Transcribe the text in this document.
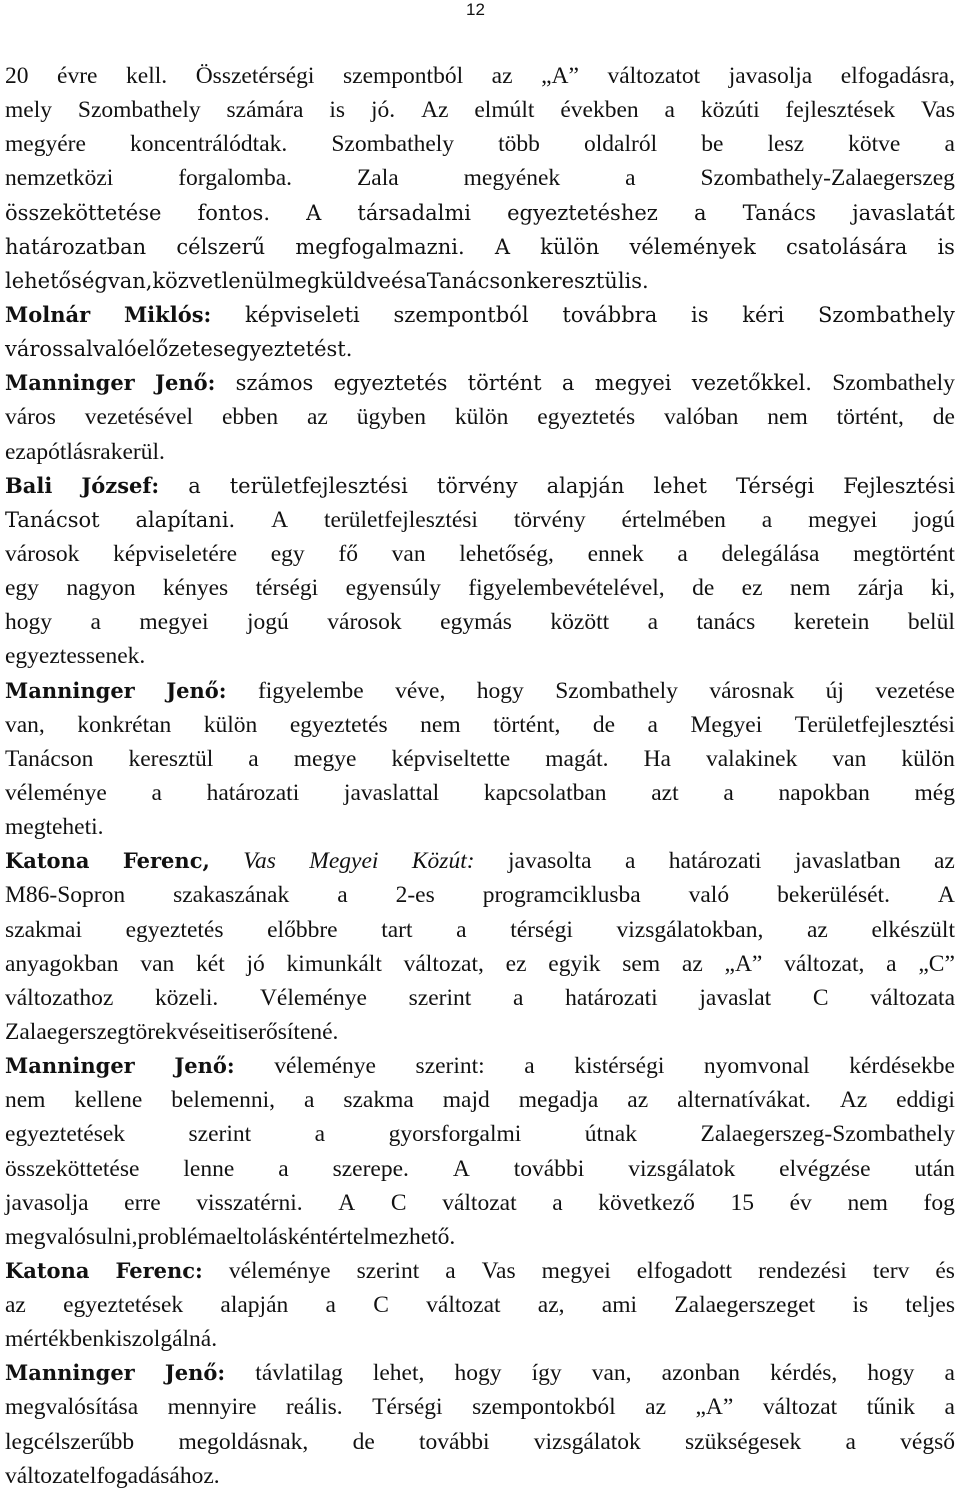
12
20 évre kell. Összetérségi szempontból az „A” változatot javasolja elfogadásra,
mely Szombathely számára is jó. Az elmúlt években a közúti fejlesztések Vas
megyére koncentrálódtak. Szombathely több oldalról be lesz kötve a
nemzetközi	forgalomba.	Zala	megyének	a	Szombathely-Zalaegerszeg
összeköttetése fontos. A társadalmi egyeztetéshez a Tanács javaslatát
határozatban célszerű megfogalmazni. A külön vélemények csatolására is
lehetőség van, közvetlenül megküldve és a Tanácson keresztül is.
Molnár Miklós: képviseleti szempontból továbbra is kéri Szombathely
várossal való előzetes egyeztetést.
Manninger Jenő: számos egyeztetés történt a megyei vezetőkkel. Szombathely
város vezetésével ebben az ügyben külön egyeztetés valóban nem történt, de
ez a pótlásra kerül.
Bali József: a területfejlesztési törvény alapján lehet Térségi Fejlesztési
Tanácsot alapítani. A területfejlesztési törvény értelmében a megyei jogú
városok képviseletére egy fő van lehetőség, ennek a delegálása megtörtént
egy nagyon kényes térségi egyensúly figyelembevételével, de ez nem zárja ki,
hogy a megyei jogú városok egymás között a tanács keretein belül
egyeztessenek.
Manninger Jenő: figyelembe véve, hogy Szombathely városnak új vezetése
van, konkrétan külön egyeztetés nem történt, de a Megyei Területfejlesztési
Tanácson keresztül a megye képviseltette magát. Ha valakinek van külön
véleménye a határozati javaslattal kapcsolatban azt a napokban még
megteheti.
Katona Ferenc, Vas Megyei Közút: javasolta a határozati javaslatban az
M86-Sopron szakaszának a 2-es programciklusba való bekerülését. A
szakmai egyeztetés előbbre tart a térségi vizsgálatokban, az elkészült
anyagokban van két jó kimunkált változat, ez egyik sem az „A” változat, a „C”
változathoz közeli. Véleménye szerint a határozati javaslat C változata
Zalaegerszeg törekvéseit is erősítené.
Manninger Jenő: véleménye szerint: a kistérségi nyomvonal kérdésekbe
nem kellene belemenni, a szakma majd megadja az alternatívákat. Az eddigi
egyeztetések	szerint	a	gyorsforgalmi	útnak	Zalaegerszeg-Szombathely
összeköttetése lenne a szerepe. A további vizsgálatok elvégzése után
javasolja erre visszatérni. A C változat a következő 15 év nem fog
megvalósulni, problémaeltolásként értelmezhető.
Katona Ferenc: véleménye szerint a Vas megyei elfogadott rendezési terv és
az egyeztetések alapján a C változat az, ami Zalaegerszeget is teljes
mértékben kiszolgálná.
Manninger Jenő: távlatilag lehet, hogy így van, azonban kérdés, hogy a
megvalósítása mennyire reális. Térségi szempontokból az „A” változat tűnik a
legcélszerűbb megoldásnak, de további vizsgálatok szükségesek a végső
változat elfogadásához.
